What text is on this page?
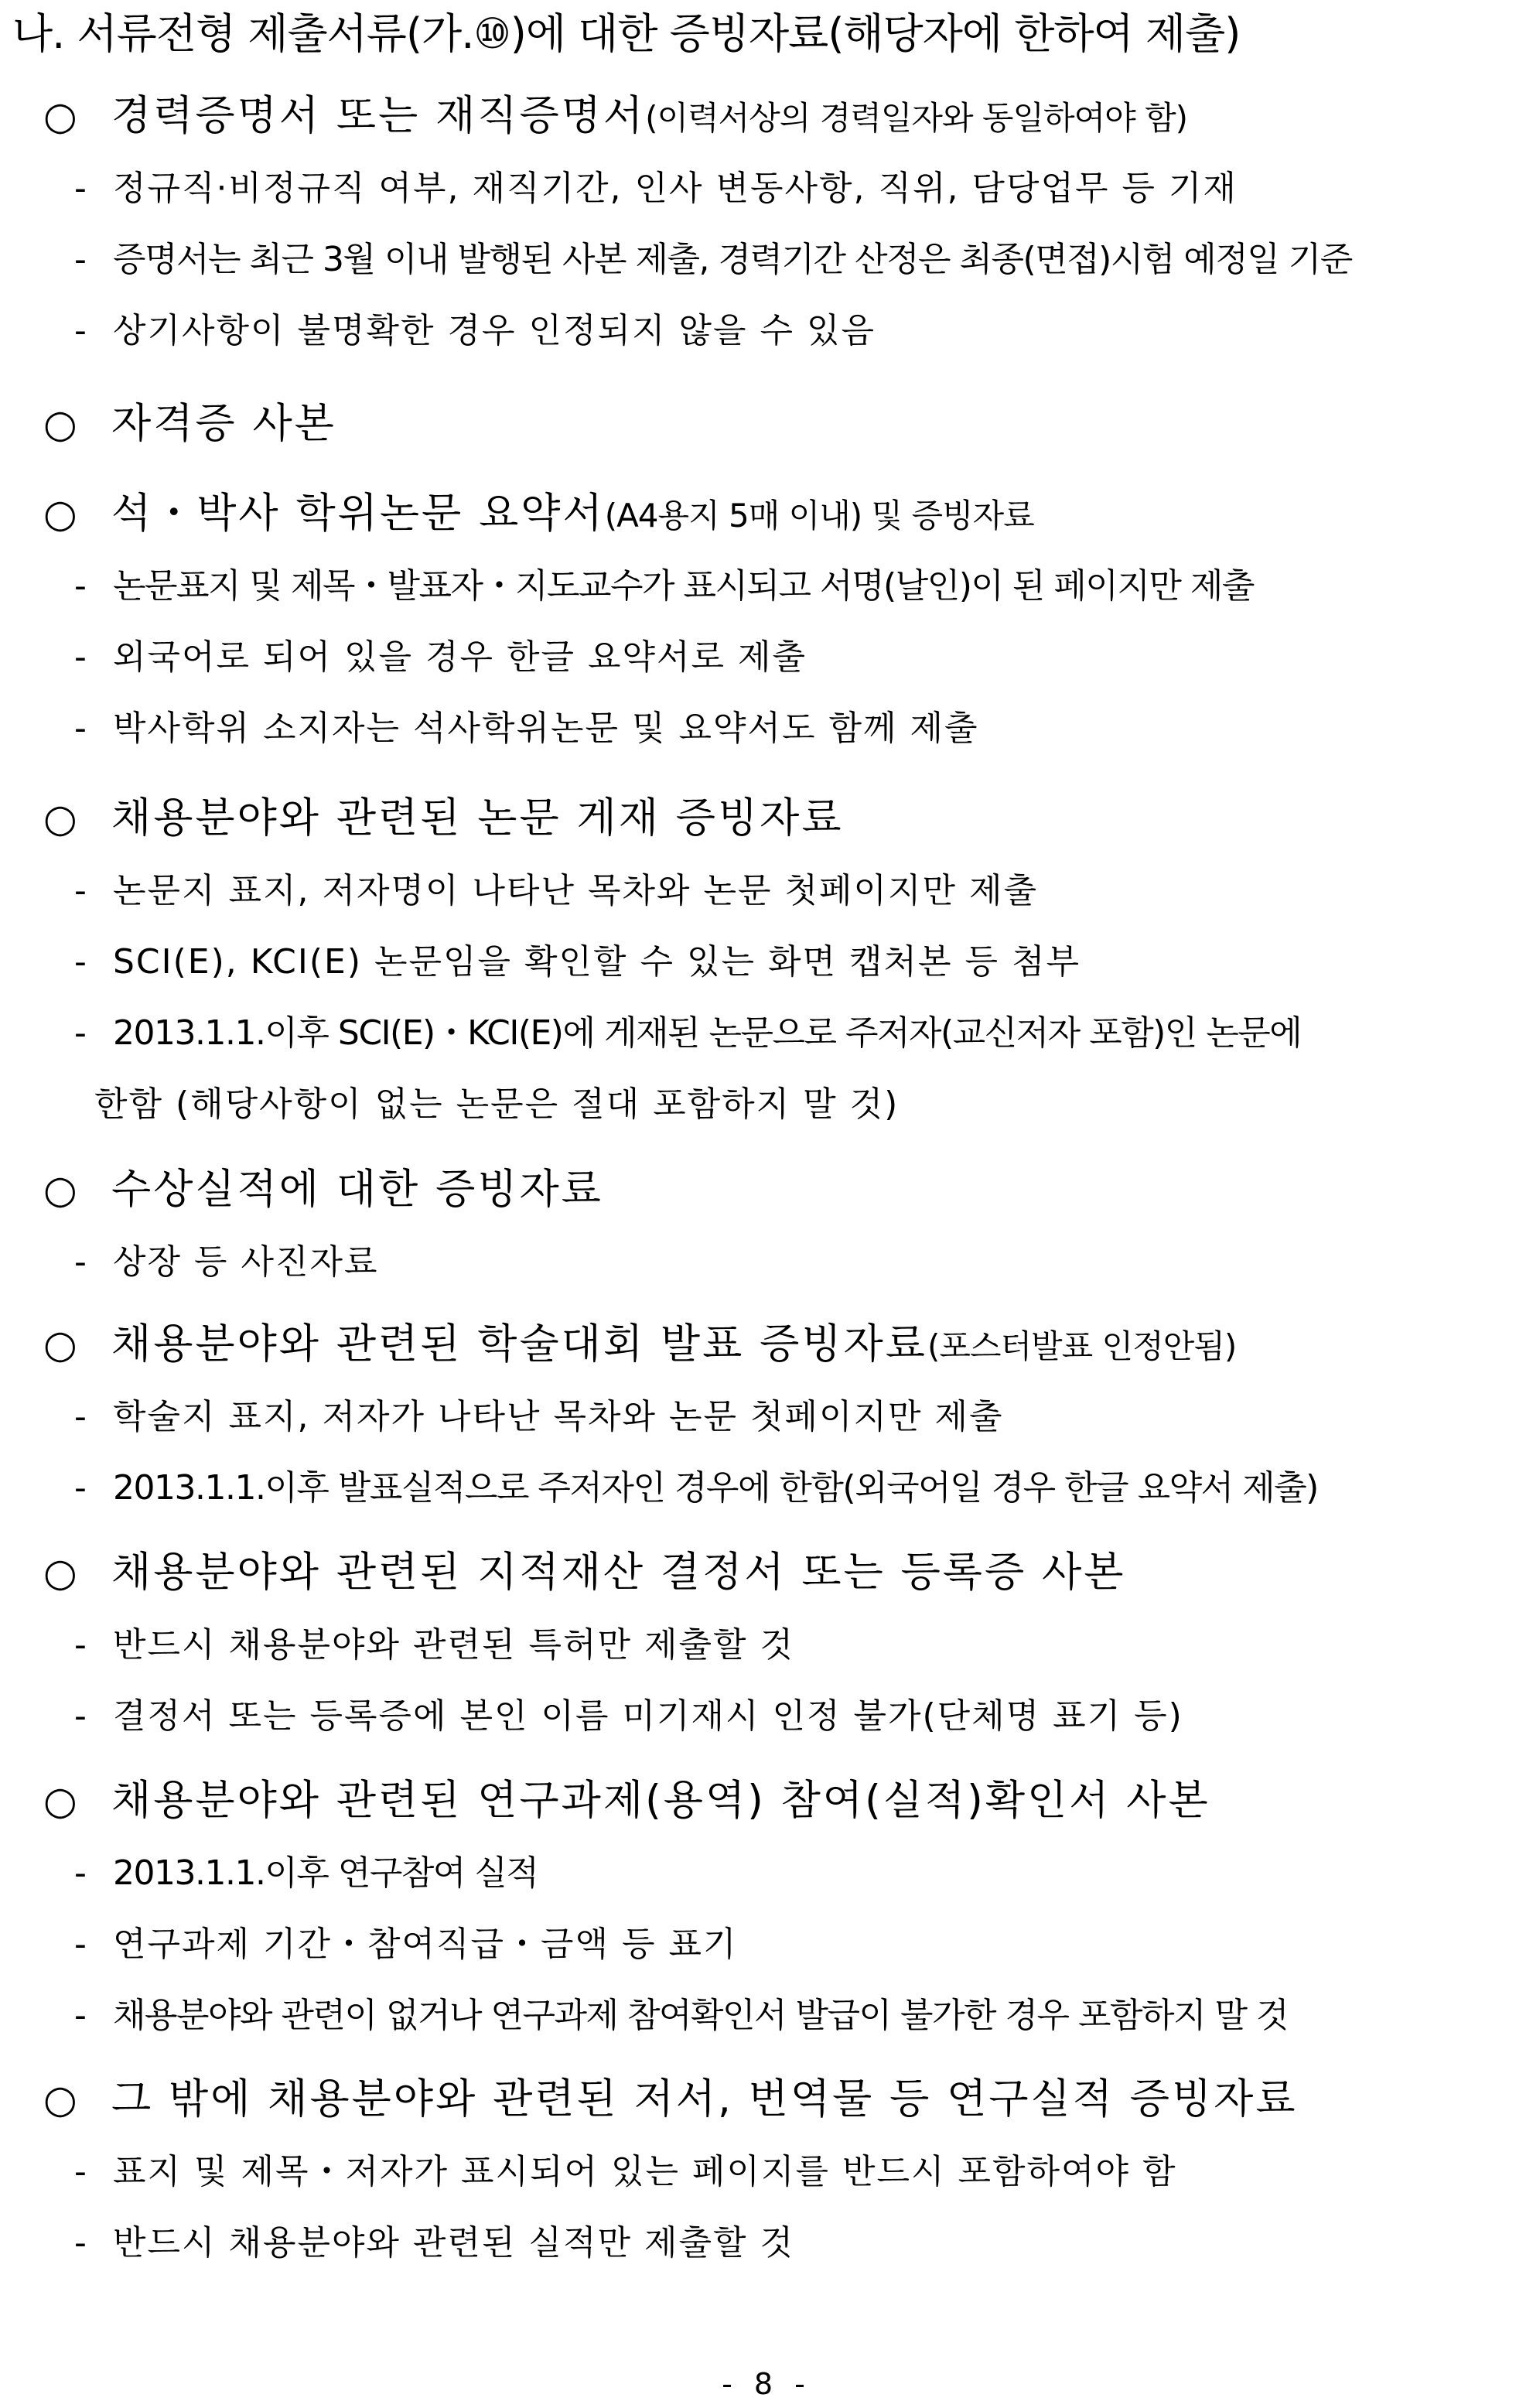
나. 서류전형 제출서류(가.⑩)에 대한 증빙자료(해당자에 한하여 제출)
○ 경력증명서 또는 재직증명서 (이력서상의 경력일자와 동일하여야 함)
- 정규직·비정규직 여부, 재직기간, 인사 변동사항, 직위, 담당업무 등 기재
- 증명서는 최근 3월 이내 발행된 사본 제출, 경력기간 산정은 최종(면접)시험 예정일 기준
- 상기사항이 불명확한 경우 인정되지 않을 수 있음
○ 자격증 사본
○ 석・박사 학위논문 요약서 (A4용지 5매 이내) 및 증빙자료
- 논문표지 및 제목・발표자・지도교수가 표시되고 서명(날인)이 된 페이지만 제출
- 외국어로 되어 있을 경우 한글 요약서로 제출
- 박사학위 소지자는 석사학위논문 및 요약서도 함께 제출
○ 채용분야와 관련된 논문 게재 증빙자료
- 논문지 표지, 저자명이 나타난 목차와 논문 첫페이지만 제출
- SCI(E), KCI(E) 논문임을 확인할 수 있는 화면 캡처본 등 첨부
- 2013.1.1.이후 SCI(E)・KCI(E)에 게재된 논문으로 주저자(교신저자 포함)인 논문에
한함 (해당사항이 없는 논문은 절대 포함하지 말 것)
○ 수상실적에 대한 증빙자료
- 상장 등 사진자료
○ 채용분야와 관련된 학술대회 발표 증빙자료 (포스터발표 인정안됨)
- 학술지 표지, 저자가 나타난 목차와 논문 첫페이지만 제출
- 2013.1.1.이후 발표실적으로 주저자인 경우에 한함(외국어일 경우 한글 요약서 제출)
○ 채용분야와 관련된 지적재산 결정서 또는 등록증 사본
- 반드시 채용분야와 관련된 특허만 제출할 것
- 결정서 또는 등록증에 본인 이름 미기재시 인정 불가(단체명 표기 등)
○ 채용분야와 관련된 연구과제(용역) 참여(실적)확인서 사본
- 2013.1.1.이후 연구참여 실적
- 연구과제 기간・참여직급・금액 등 표기
- 채용분야와 관련이 없거나 연구과제 참여확인서 발급이 불가한 경우 포함하지 말 것
○ 그 밖에 채용분야와 관련된 저서, 번역물 등 연구실적 증빙자료
- 표지 및 제목・저자가 표시되어 있는 페이지를 반드시 포함하여야 함
- 반드시 채용분야와 관련된 실적만 제출할 것
- 8 -
